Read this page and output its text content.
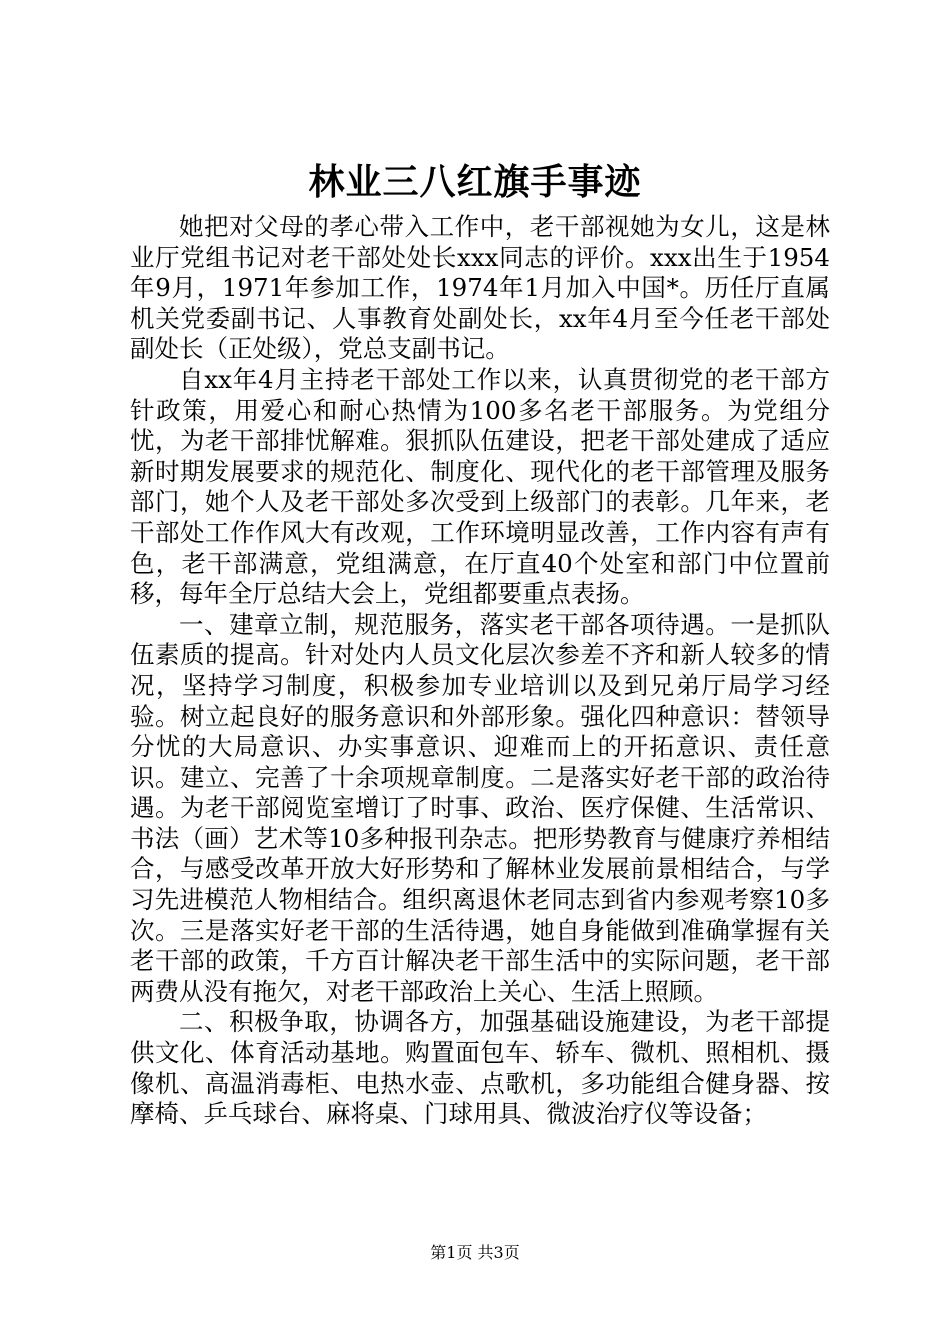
林业三八红旗手事迹

她把对父母的孝心带入工作中，老干部视她为女儿，这是林业厅党组书记对老干部处处长xxx同志的评价。xxx出生于1954年9月，1971年参加工作，1974年1月加入中国*。历任厅直属机关党委副书记、人事教育处副处长，xx年4月至今任老干部处副处长（正处级），党总支副书记。

自xx年4月主持老干部处工作以来，认真贯彻党的老干部方针政策，用爱心和耐心热情为100多名老干部服务。为党组分忧，为老干部排忧解难。狠抓队伍建设，把老干部处建成了适应新时期发展要求的规范化、制度化、现代化的老干部管理及服务部门，她个人及老干部处多次受到上级部门的表彰。几年来，老干部处工作作风大有改观，工作环境明显改善，工作内容有声有色，老干部满意，党组满意，在厅直40个处室和部门中位置前移，每年全厅总结大会上，党组都要重点表扬。

一、建章立制，规范服务，落实老干部各项待遇。一是抓队伍素质的提高。针对处内人员文化层次参差不齐和新人较多的情况，坚持学习制度，积极参加专业培训以及到兄弟厅局学习经验。树立起良好的服务意识和外部形象。强化四种意识：替领导分忧的大局意识、办实事意识、迎难而上的开拓意识、责任意识。建立、完善了十余项规章制度。二是落实好老干部的政治待遇。为老干部阅览室增订了时事、政治、医疗保健、生活常识、书法（画）艺术等10多种报刊杂志。把形势教育与健康疗养相结合，与感受改革开放大好形势和了解林业发展前景相结合，与学习先进模范人物相结合。组织离退休老同志到省内参观考察10多次。三是落实好老干部的生活待遇，她自身能做到准确掌握有关老干部的政策，千方百计解决老干部生活中的实际问题，老干部两费从没有拖欠，对老干部政治上关心、生活上照顾。

二、积极争取，协调各方，加强基础设施建设，为老干部提供文化、体育活动基地。购置面包车、轿车、微机、照相机、摄像机、高温消毒柜、电热水壶、点歌机，多功能组合健身器、按摩椅、乒乓球台、麻将桌、门球用具、微波治疗仪等设备；

第1页 共3页
